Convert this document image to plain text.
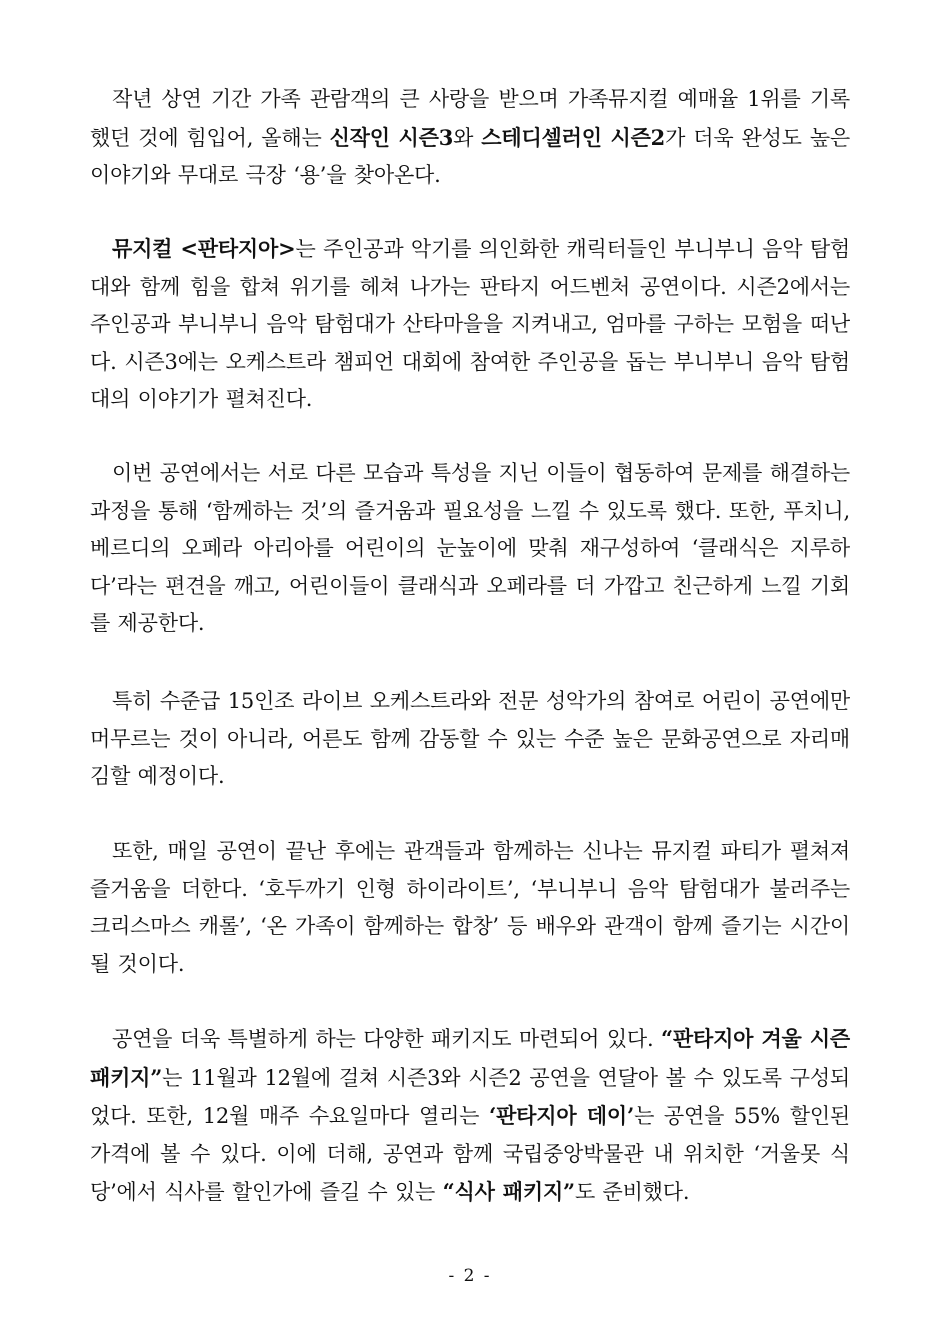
작년 상연 기간 가족 관람객의 큰 사랑을 받으며 가족뮤지컬 예매율 1위를 기록했던 것에 힘입어, 올해는 신작인 시즌3와 스테디셀러인 시즌2가 더욱 완성도 높은 이야기와 무대로 극장 ‘용’을 찾아온다.

뮤지컬 <판타지아>는 주인공과 악기를 의인화한 캐릭터들인 부니부니 음악 탐험대와 함께 힘을 합쳐 위기를 헤쳐 나가는 판타지 어드벤처 공연이다. 시즌2에서는 주인공과 부니부니 음악 탐험대가 산타마을을 지켜내고, 엄마를 구하는 모험을 떠난다. 시즌3에는 오케스트라 챔피언 대회에 참여한 주인공을 돕는 부니부니 음악 탐험대의 이야기가 펼쳐진다.

이번 공연에서는 서로 다른 모습과 특성을 지닌 이들이 협동하여 문제를 해결하는 과정을 통해 ‘함께하는 것’의 즐거움과 필요성을 느낄 수 있도록 했다. 또한, 푸치니, 베르디의 오페라 아리아를 어린이의 눈높이에 맞춰 재구성하여 ‘클래식은 지루하다’라는 편견을 깨고, 어린이들이 클래식과 오페라를 더 가깝고 친근하게 느낄 기회를 제공한다.

특히 수준급 15인조 라이브 오케스트라와 전문 성악가의 참여로 어린이 공연에만 머무르는 것이 아니라, 어른도 함께 감동할 수 있는 수준 높은 문화공연으로 자리매김할 예정이다.

또한, 매일 공연이 끝난 후에는 관객들과 함께하는 신나는 뮤지컬 파티가 펼쳐져 즐거움을 더한다. ‘호두까기 인형 하이라이트’, ‘부니부니 음악 탐험대가 불러주는 크리스마스 캐롤’, ‘온 가족이 함께하는 합창’ 등 배우와 관객이 함께 즐기는 시간이 될 것이다.

공연을 더욱 특별하게 하는 다양한 패키지도 마련되어 있다. “판타지아 겨울 시즌 패키지”는 11월과 12월에 걸쳐 시즌3와 시즌2 공연을 연달아 볼 수 있도록 구성되었다. 또한, 12월 매주 수요일마다 열리는 ‘판타지아 데이’는 공연을 55% 할인된 가격에 볼 수 있다. 이에 더해, 공연과 함께 국립중앙박물관 내 위치한 ‘거울못 식당’에서 식사를 할인가에 즐길 수 있는 “식사 패키지”도 준비했다.

- 2 -
